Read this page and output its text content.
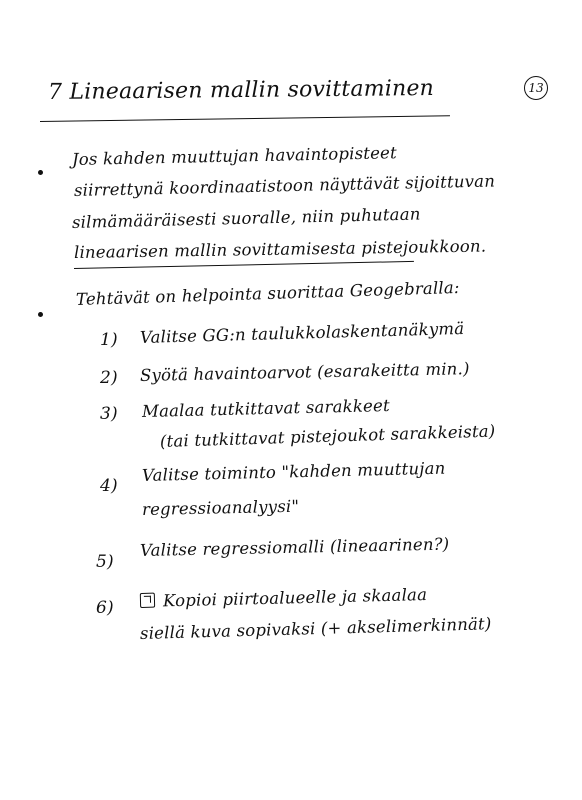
7 Lineaarisen mallin sovittaminen	13
Jos kahden muuttujan havaintopisteet
siirrettynä koordinaatistoon näyttävät sijoittuvan
silmämääräisesti suoralle, niin puhutaan
lineaarisen mallin sovittamisesta pistejoukkoon.
Tehtävät on helpointa suorittaa Geogebralla:
1) Valitse GG:n taulukkolaskentanäkymä
2) Syötä havaintoarvot (esarakeitta min.)
3) Maalaa tutkittavat sarakkeet
(tai tutkittavat pistejoukot sarakkeista)
4)
Valitse toiminto "kahden muuttujan
regressioanalyysi"
5)
Valitse regressiomalli (lineaarinen?)
6)	Kopioi piirtoalueelle ja skaalaa
siellä kuva sopivaksi (+ akselimerkinnät)
